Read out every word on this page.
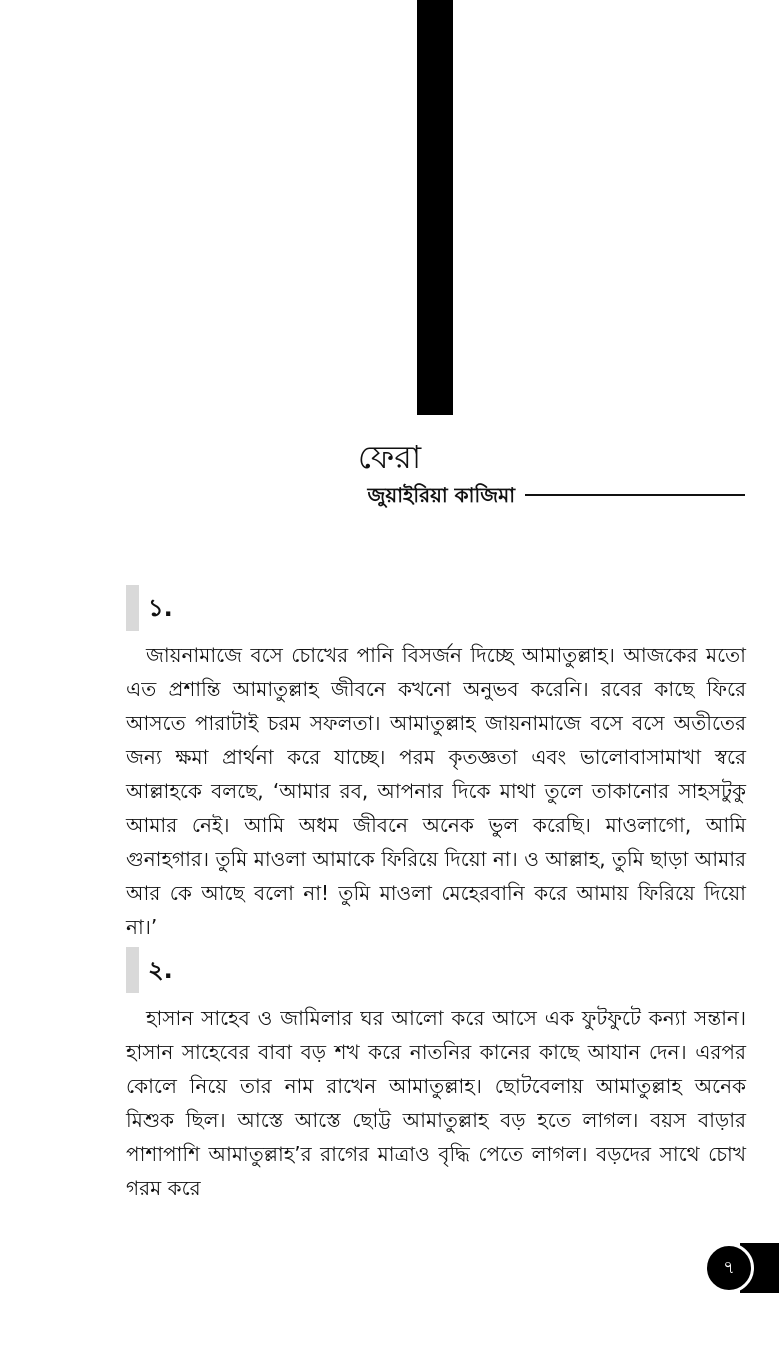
ফেরা
জুয়াইরিয়া কাজিমা
১.

জায়নামাজে বসে চোখের পানি বিসর্জন দিচ্ছে আমাতুল্লাহ। আজকের মতো এত প্রশান্তি আমাতুল্লাহ জীবনে কখনো অনুভব করেনি। রবের কাছে ফিরে আসতে পারাটাই চরম সফলতা। আমাতুল্লাহ জায়নামাজে বসে বসে অতীতের জন্য ক্ষমা প্রার্থনা করে যাচ্ছে। পরম কৃতজ্ঞতা এবং ভালোবাসামাখা স্বরে আল্লাহকে বলছে, ‘আমার রব, আপনার দিকে মাথা তুলে তাকানোর সাহসটুকু আমার নেই। আমি অধম জীবনে অনেক ভুল করেছি। মাওলাগো, আমি গুনাহগার। তুমি মাওলা আমাকে ফিরিয়ে দিয়ো না। ও আল্লাহ, তুমি ছাড়া আমার আর কে আছে বলো না! তুমি মাওলা মেহেরবানি করে আমায় ফিরিয়ে দিয়ো না।’

২.

হাসান সাহেব ও জামিলার ঘর আলো করে আসে এক ফুটফুটে কন্যা সন্তান। হাসান সাহেবের বাবা বড় শখ করে নাতনির কানের কাছে আযান দেন। এরপর কোলে নিয়ে তার নাম রাখেন আমাতুল্লাহ। ছোটবেলায় আমাতুল্লাহ অনেক মিশুক ছিল। আস্তে আস্তে ছোট্ট আমাতুল্লাহ বড় হতে লাগল। বয়স বাড়ার পাশাপাশি আমাতুল্লাহ’র রাগের মাত্রাও বৃদ্ধি পেতে লাগল। বড়দের সাথে চোখ গরম করে

৭
